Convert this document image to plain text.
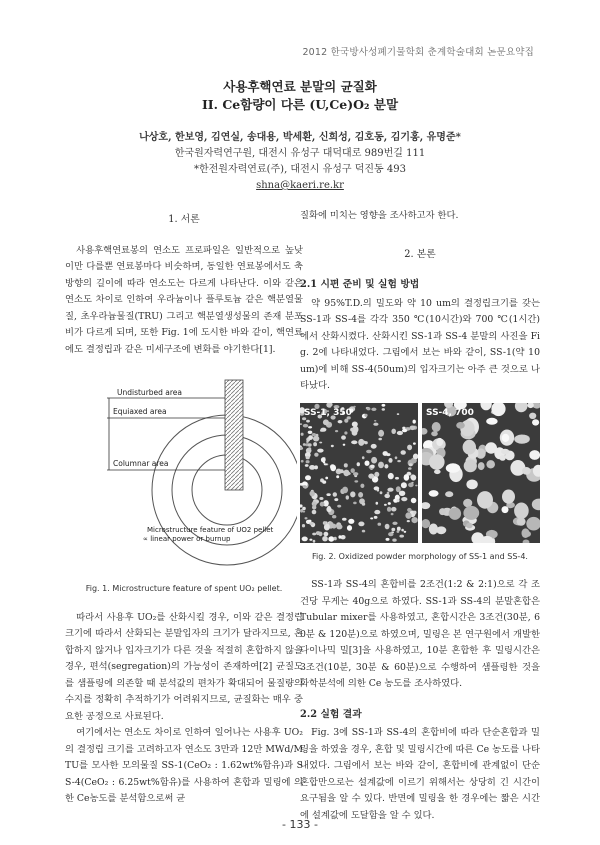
2012 한국방사성폐기물학회 춘계학술대회 논문요약집
사용후핵연료 분말의 균질화
II. Ce함량이 다른 (U,Ce)O₂ 분말
나상호, 한보영, 김연실, 송대용, 박세환, 신희성, 김호동, 김기홍, 유명준*
한국원자력연구원, 대전시 유성구 대덕대로 989번길 111
*한전원자력연료(주), 대전시 유성구 덕진동 493
shna@kaeri.re.kr
1. 서론

사용후핵연료봉의 연소도 프로파일은 일반적으로 높낮이만 다를뿐 연료봉마다 비슷하며, 동일한 연료봉에서도 축방향의 길이에 따라 연소도는 다르게 나타난다. 이와 같은 연소도 차이로 인하여 우라늄이나 플루토늄 같은 핵분열물질, 초우라늄물질(TRU) 그리고 핵분열생성물의 존재 분포비가 다르게 되며, 또한 Fig. 1에 도시한 바와 같이, 핵연료에도 결정립과 같은 미세구조에 변화를 야기한다[1].

Undisturbed area
Equiaxed area
Columnar area
Microstructure feature of UO2 pellet
∝ linear power or burnup
Fig. 1. Microstructure feature of spent UO₂ pellet.

따라서 사용후 UO₂를 산화시킬 경우, 이와 같은 결정립 크기에 따라서 산화되는 분말입자의 크기가 달라지므로, 혼합하지 않거나 입자크기가 다른 것을 적절히 혼합하지 않을 경우, 편석(segregation)의 가능성이 존재하여[2] 균질도를 샘플링에 의존할 때 분석값의 편차가 확대되어 물질량의 수지를 정확히 추적하기가 어려워지므로, 균질화는 매우 중요한 공정으로 사료된다.

여기에서는 연소도 차이로 인하여 일어나는 사용후 UO₂의 결정립 크기를 고려하고자 연소도 3만과 12만 MWd/MTU를 모사한 모의물질 SS-1(CeO₂ : 1.62wt%함유)과 SS-4(CeO₂ : 6.25wt%함유)를 사용하여 혼합과 밀링에 의한 Ce농도를 분석함으로써 균

질화에 미치는 영향을 조사하고자 한다.

2. 본론
2.1 시편 준비 및 실험 방법

약 95%T.D.의 밀도와 약 10 um의 결정립크기를 갖는 SS-1과 SS-4를 각각 350 ℃(10시간)와 700 ℃(1시간)에서 산화시켰다. 산화시킨 SS-1과 SS-4 분말의 사진을 Fig. 2에 나타내었다. 그림에서 보는 바와 같이, SS-1(약 10um)에 비해 SS-4(50um)의 입자크기는 아주 큰 것으로 나타났다.

SS-1, 350	SS-4, 700
Fig. 2. Oxidized powder morphology of SS-1 and SS-4.

SS-1과 SS-4의 혼합비를 2조건(1:2 & 2:1)으로 각 조건당 무게는 40g으로 하였다. SS-1과 SS-4의 분말혼합은 Tubular mixer를 사용하였고, 혼합시간은 3조건(30분, 60분 & 120분)으로 하였으며, 밀링은 본 연구원에서 개발한 다이나믹 밀[3]을 사용하였고, 10분 혼합한 후 밀링시간은 3조건(10분, 30분 & 60분)으로 수행하여 샘플링한 것을 화학분석에 의한 Ce 농도를 조사하였다.

2.2 실험 결과

Fig. 3에 SS-1과 SS-4의 혼합비에 따라 단순혼합과 밀링을 하였을 경우, 혼합 및 밀링시간에 따른 Ce 농도를 나타내었다. 그림에서 보는 바와 같이, 혼합비에 관계없이 단순혼합만으로는 설계값에 이르기 위해서는 상당히 긴 시간이 요구됨을 알 수 있다. 반면에 밀링을 한 경우에는 짧은 시간에 설계값에 도달함을 알 수 있다.

- 133 -
